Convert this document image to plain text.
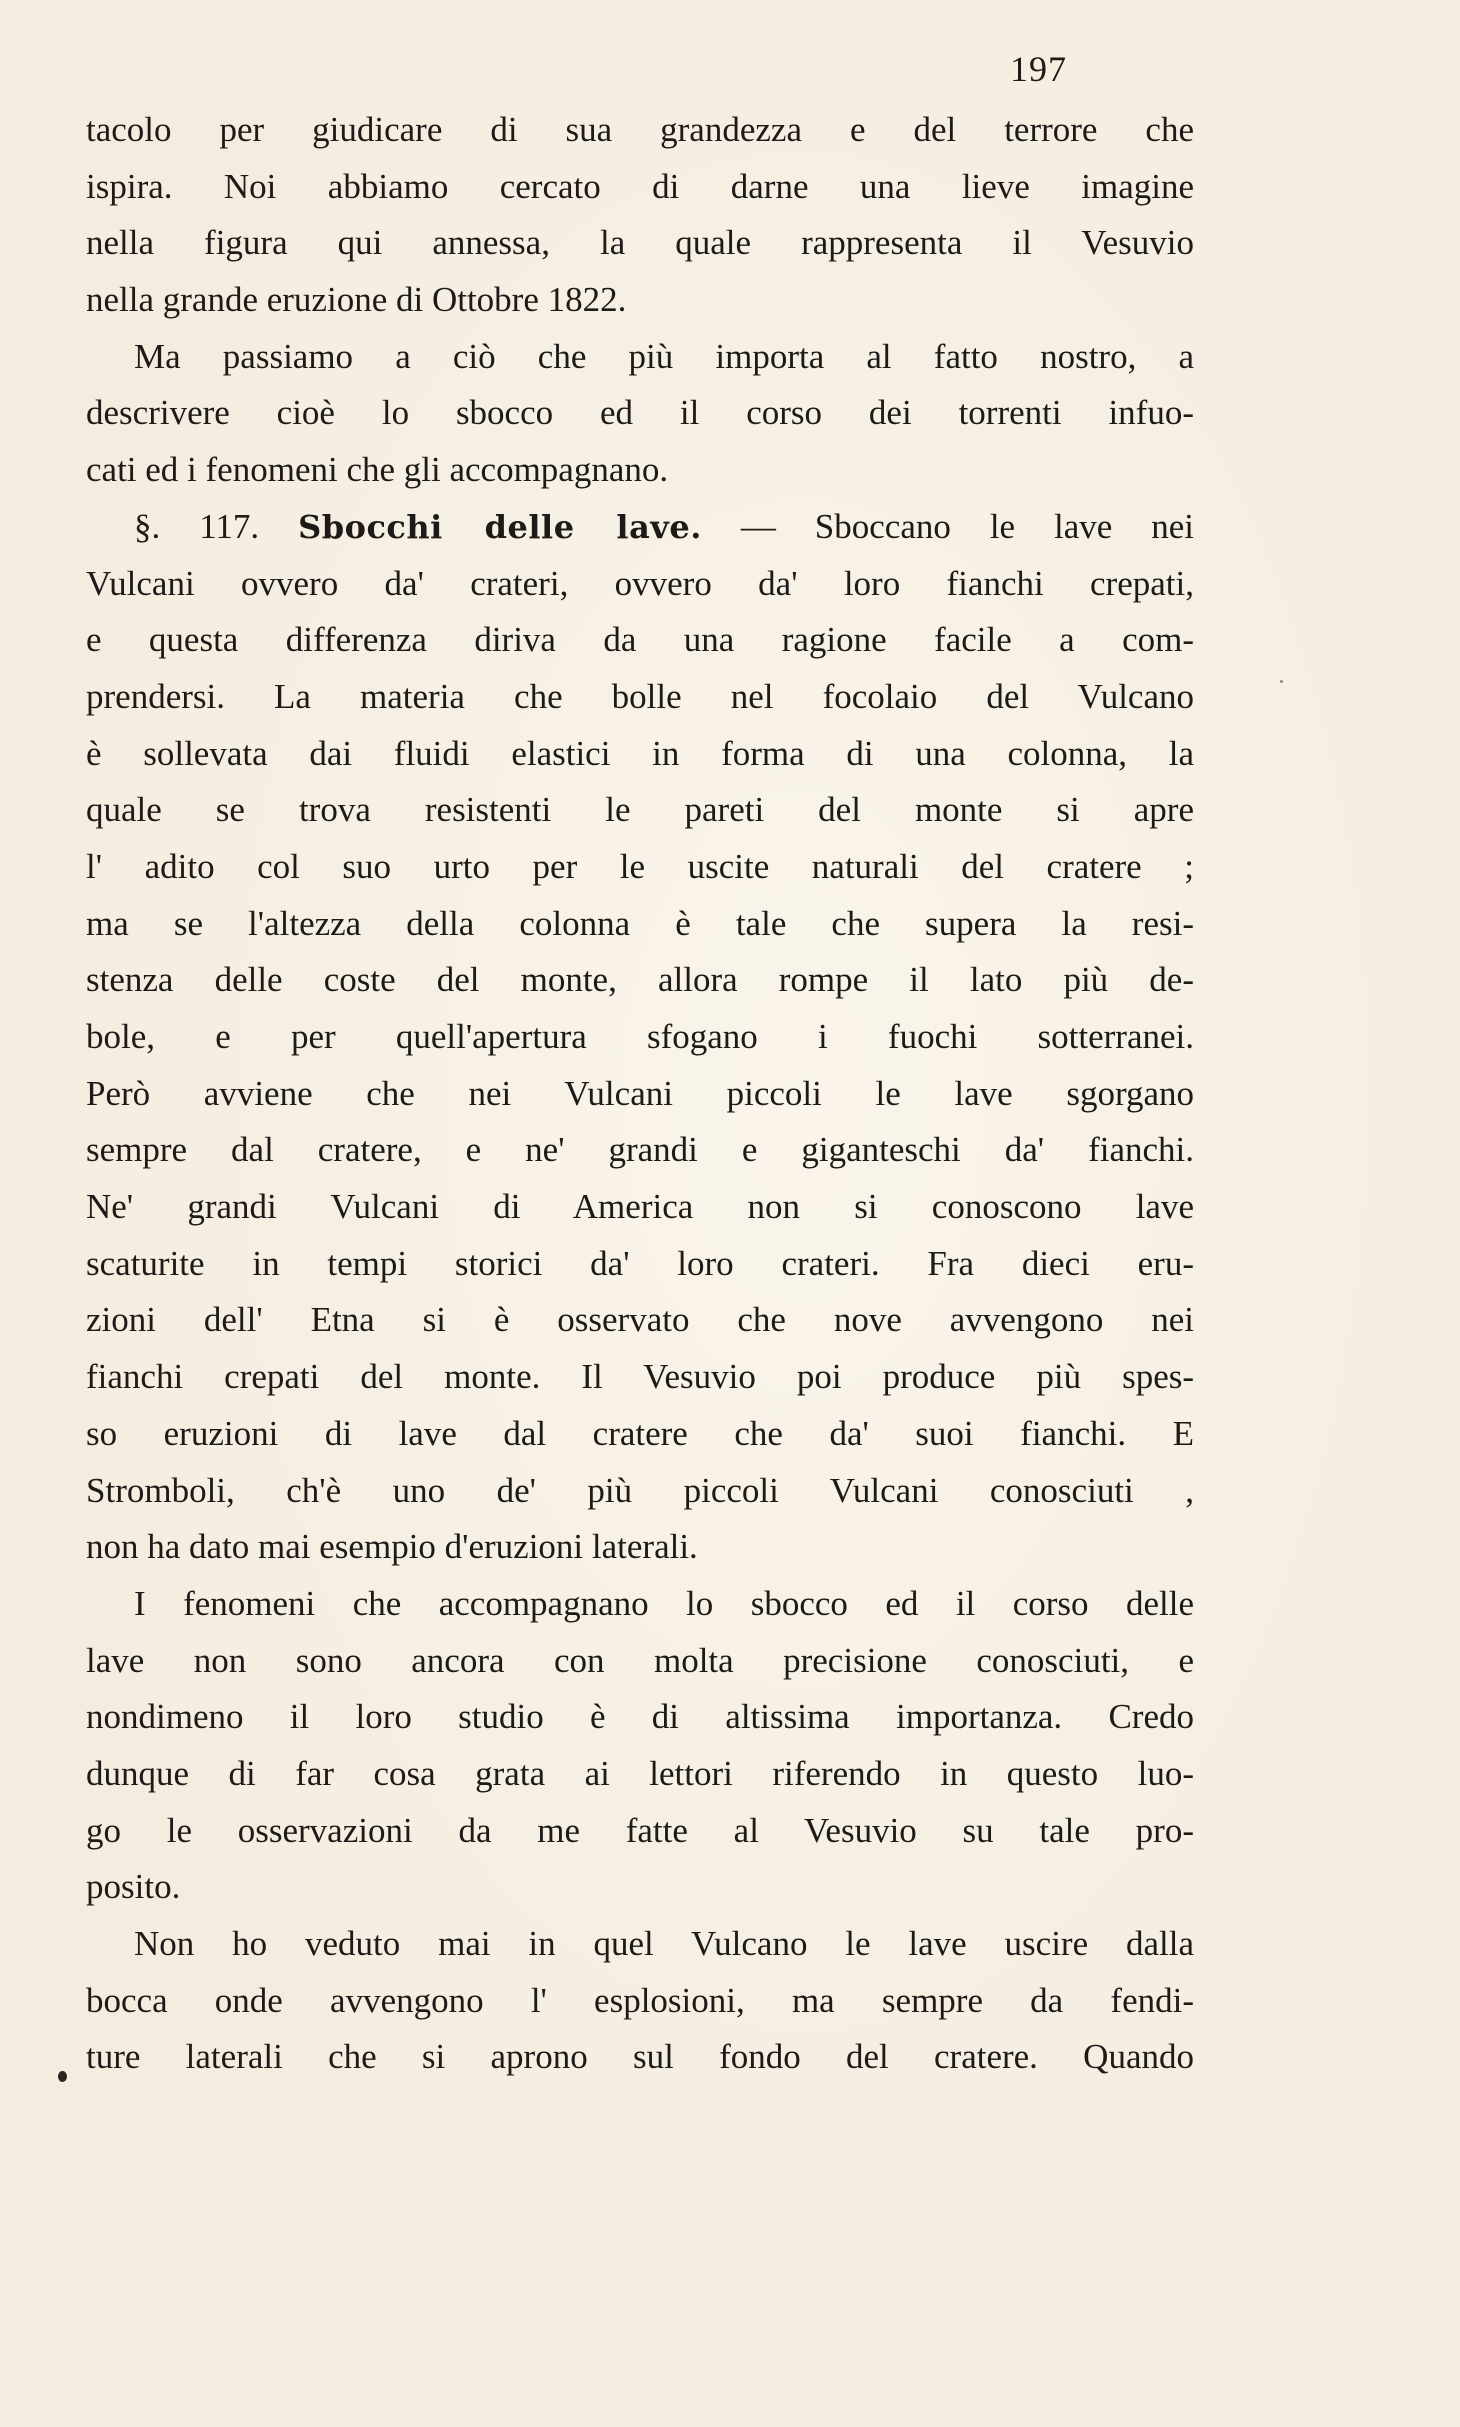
197
tacolo per giudicare di sua grandezza e del terrore che
ispira. Noi abbiamo cercato di darne una lieve imagine
nella figura qui annessa, la quale rappresenta il Vesuvio
nella grande eruzione di Ottobre 1822.
Ma passiamo a ciò che più importa al fatto nostro, a
descrivere cioè lo sbocco ed il corso dei torrenti infuo-
cati ed i fenomeni che gli accompagnano.
§. 117. Sbocchi delle lave. — Sboccano le lave nei
Vulcani ovvero da' crateri, ovvero da' loro fianchi crepati,
e questa differenza diriva da una ragione facile a com-
prendersi. La materia che bolle nel focolaio del Vulcano
è sollevata dai fluidi elastici in forma di una colonna, la
quale se trova resistenti le pareti del monte si apre
l' adito col suo urto per le uscite naturali del cratere ;
ma se l'altezza della colonna è tale che supera la resi-
stenza delle coste del monte, allora rompe il lato più de-
bole, e per quell'apertura sfogano i fuochi sotterranei.
Però avviene che nei Vulcani piccoli le lave sgorgano
sempre dal cratere, e ne' grandi e giganteschi da' fianchi.
Ne' grandi Vulcani di America non si conoscono lave
scaturite in tempi storici da' loro crateri. Fra dieci eru-
zioni dell' Etna si è osservato che nove avvengono nei
fianchi crepati del monte. Il Vesuvio poi produce più spes-
so eruzioni di lave dal cratere che da' suoi fianchi. E
Stromboli, ch'è uno de' più piccoli Vulcani conosciuti ,
non ha dato mai esempio d'eruzioni laterali.
I fenomeni che accompagnano lo sbocco ed il corso delle
lave non sono ancora con molta precisione conosciuti, e
nondimeno il loro studio è di altissima importanza. Credo
dunque di far cosa grata ai lettori riferendo in questo luo-
go le osservazioni da me fatte al Vesuvio su tale pro-
posito.
Non ho veduto mai in quel Vulcano le lave uscire dalla
bocca onde avvengono l' esplosioni, ma sempre da fendi-
ture laterali che si aprono sul fondo del cratere. Quando
